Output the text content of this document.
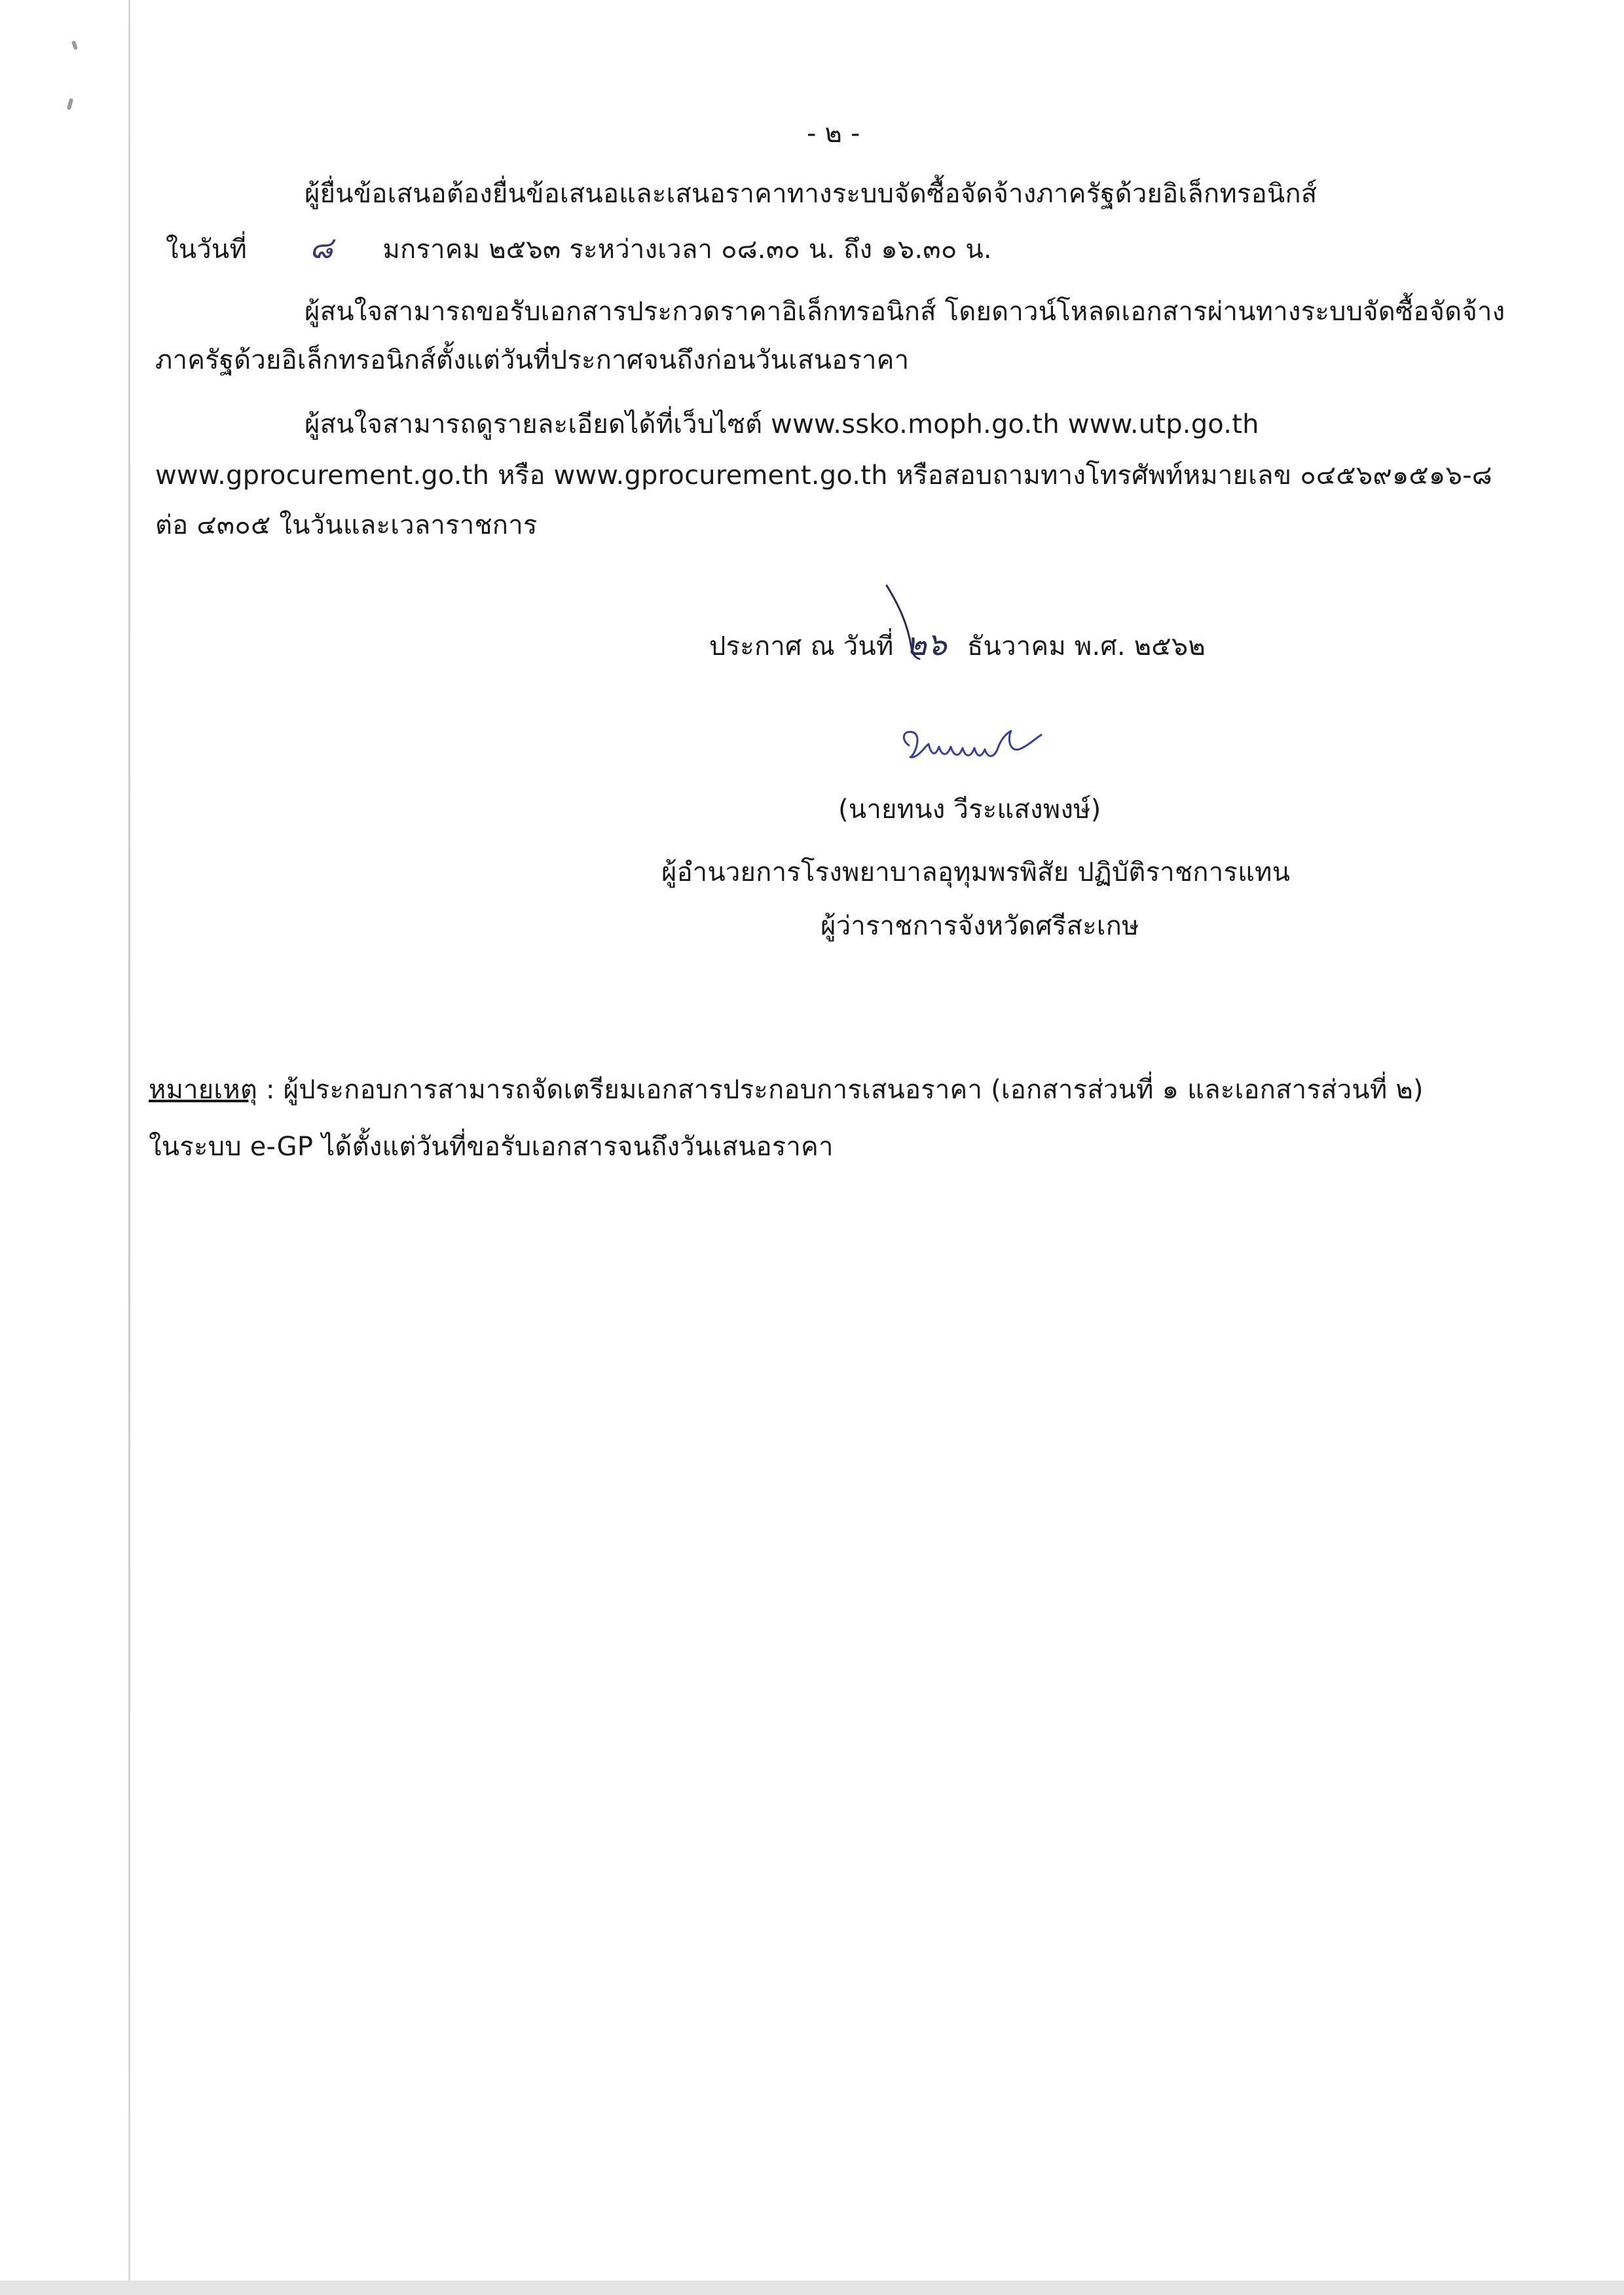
- ๒ -
ผู้ยื่นข้อเสนอต้องยื่นข้อเสนอและเสนอราคาทางระบบจัดซื้อจัดจ้างภาครัฐด้วยอิเล็กทรอนิกส์
ในวันที่ ๘ มกราคม ๒๕๖๓ ระหว่างเวลา ๐๘.๓๐ น. ถึง ๑๖.๓๐ น.
ผู้สนใจสามารถขอรับเอกสารประกวดราคาอิเล็กทรอนิกส์ โดยดาวน์โหลดเอกสารผ่านทางระบบจัดซื้อจัดจ้าง
ภาครัฐด้วยอิเล็กทรอนิกส์ตั้งแต่วันที่ประกาศจนถึงก่อนวันเสนอราคา
ผู้สนใจสามารถดูรายละเอียดได้ที่เว็บไซต์ www.ssko.moph.go.th www.utp.go.th
www.gprocurement.go.th หรือ www.gprocurement.go.th หรือสอบถามทางโทรศัพท์หมายเลข ๐๔๕๖๙๑๕๑๖-๘
ต่อ ๔๓๐๕ ในวันและเวลาราชการ
ประกาศ ณ วันที่ ๒๖ ธันวาคม พ.ศ. ๒๕๖๒
(นายทนง วีระแสงพงษ์)
ผู้อำนวยการโรงพยาบาลอุทุมพรพิสัย ปฏิบัติราชการแทน
ผู้ว่าราชการจังหวัดศรีสะเกษ
หมายเหตุ : ผู้ประกอบการสามารถจัดเตรียมเอกสารประกอบการเสนอราคา (เอกสารส่วนที่ ๑ และเอกสารส่วนที่ ๒)
ในระบบ e-GP ได้ตั้งแต่วันที่ขอรับเอกสารจนถึงวันเสนอราคา
